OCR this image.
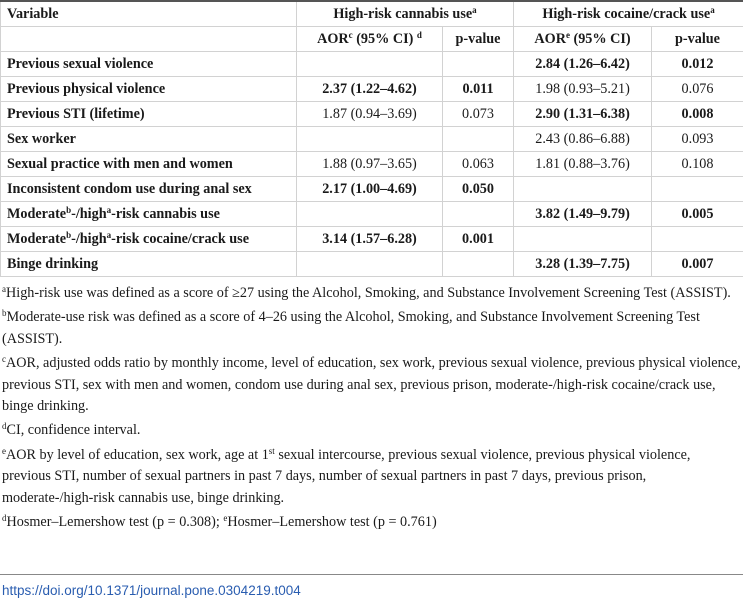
Variable	High-risk cannabis use$^a$		High-risk cocaine/crack use$^a$
	AOR$^c$ (95% CI) $^d$	p-value	AOR$^e$ (95% CI)	p-value
Previous sexual violence			2.84 (1.26–6.42)	0.012
Previous physical violence	2.37 (1.22–4.62)	0.011	1.98 (0.93–5.21)	0.076
Previous STI (lifetime)	1.87 (0.94–3.69)	0.073	2.90 (1.31–6.38)	0.008
Sex worker			2.43 (0.86–6.88)	0.093
Sexual practice with men and women	1.88 (0.97–3.65)	0.063	1.81 (0.88–3.76)	0.108
Inconsistent condom use during anal sex	2.17 (1.00–4.69)	0.050		
Moderate$^b$-/high$^a$-risk cannabis use			3.82 (1.49–9.79)	0.005
Moderate$^b$-/high$^a$-risk cocaine/crack use	3.14 (1.57–6.28)	0.001		
Binge drinking			3.28 (1.39–7.75)	0.007
$^a$High-risk use was defined as a score of ≥27 using the Alcohol, Smoking, and Substance Involvement Screening Test (ASSIST).
$^b$Moderate-use risk was defined as a score of 4–26 using the Alcohol, Smoking, and Substance Involvement Screening Test (ASSIST).
$^c$AOR, adjusted odds ratio by monthly income, level of education, sex work, previous sexual violence, previous physical violence, previous STI, sex with men and women, condom use during anal sex, previous prison, moderate-/high-risk cocaine/crack use, binge drinking.
$^d$CI, confidence interval.
$^e$AOR by level of education, sex work, age at 1st sexual intercourse, previous sexual violence, previous physical violence, previous STI, number of sexual partners in past 7 days, number of sexual partners in past 7 days, previous prison, moderate-/high-risk cannabis use, binge drinking.
$^d$Hosmer–Lemershow test (p = 0.308); $^e$Hosmer–Lemershow test (p = 0.761)
https://doi.org/10.1371/journal.pone.0304219.t004
